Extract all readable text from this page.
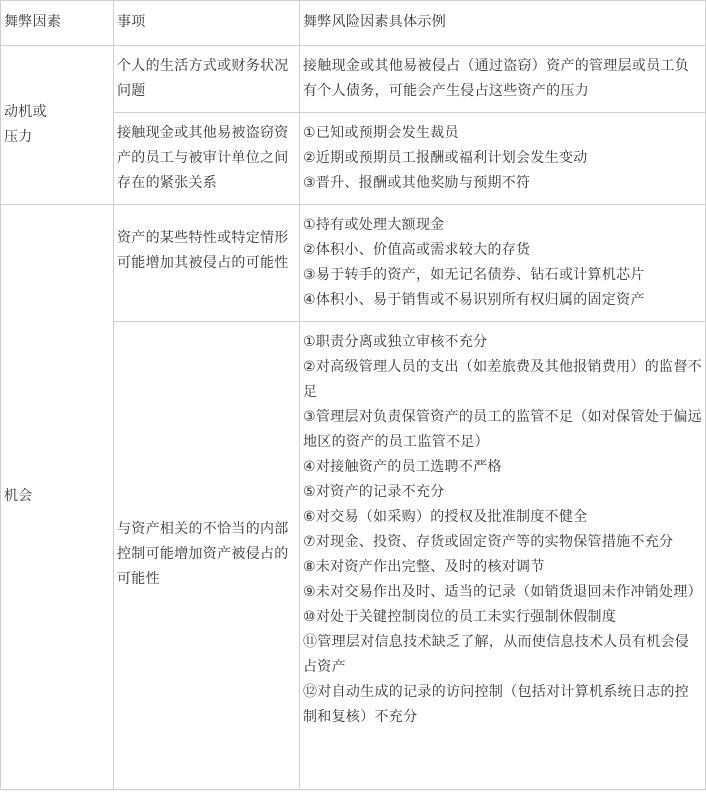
舞弊因素	事项	舞弊风险因素具体示例
动机或压力
机会
个人的生活方式或财务状况问题

接触现金或其他易被侵占（通过盗窃）资产的管理层或员工负有个人债务，可能会产生侵占这些资产的压力

接触现金或其他易被盗窃资产的员工与被审计单位之间存在的紧张关系

①已知或预期会发生裁员

②近期或预期员工报酬或福利计划会发生变动

③晋升、报酬或其他奖励与预期不符

资产的某些特性或特定情形可能增加其被侵占的可能性

①持有或处理大额现金

②体积小、价值高或需求较大的存货

③易于转手的资产，如无记名债券、钻石或计算机芯片

④体积小、易于销售或不易识别所有权归属的固定资产

与资产相关的不恰当的内部控制可能增加资产被侵占的可能性

①职责分离或独立审核不充分

②对高级管理人员的支出（如差旅费及其他报销费用）的监督不足

③管理层对负责保管资产的员工的监管不足（如对保管处于偏远地区的资产的员工监管不足）

④对接触资产的员工选聘不严格

⑤对资产的记录不充分

⑥对交易（如采购）的授权及批准制度不健全

⑦对现金、投资、存货或固定资产等的实物保管措施不充分

⑧未对资产作出完整、及时的核对调节

⑨未对交易作出及时、适当的记录（如销货退回未作冲销处理）

⑩对处于关键控制岗位的员工未实行强制休假制度

⑪管理层对信息技术缺乏了解，从而使信息技术人员有机会侵占资产

⑫对自动生成的记录的访问控制（包括对计算机系统日志的控制和复核）不充分
